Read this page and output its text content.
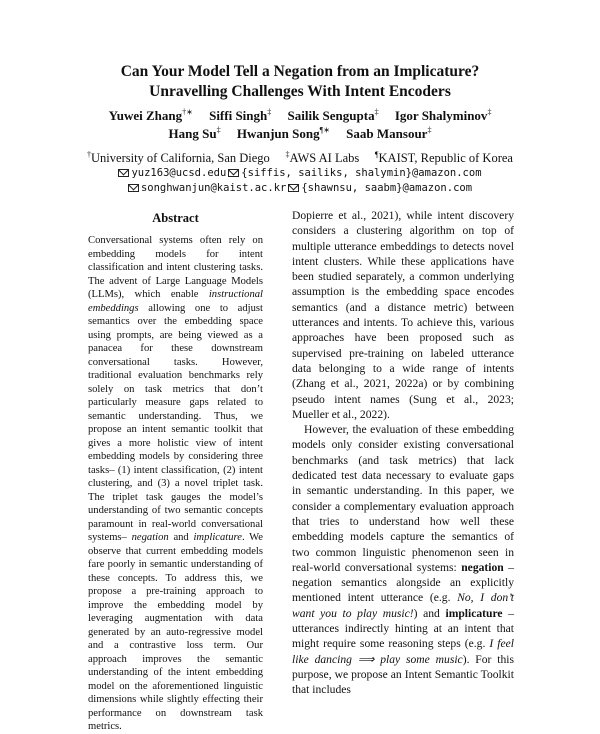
Can Your Model Tell a Negation from an Implicature?
Unravelling Challenges With Intent Encoders
Yuwei Zhang†∗ Siffi Singh‡ Sailik Sengupta‡ Igor Shalyminov‡
Hang Su‡ Hwanjun Song¶∗ Saab Mansour‡
†University of California, San Diego ‡AWS AI Labs ¶KAIST, Republic of Korea
yuz163@ucsd.edu {siffis, sailiks, shalymin}@amazon.com
songhwanjun@kaist.ac.kr {shawnsu, saabm}@amazon.com
Abstract
Conversational systems often rely on embedding models for intent classification and intent clustering tasks. The advent of Large Language Models (LLMs), which enable instructional embeddings allowing one to adjust semantics over the embedding space using prompts, are being viewed as a panacea for these downstream conversational tasks. However, traditional evaluation benchmarks rely solely on task metrics that don’t particularly measure gaps related to semantic understanding. Thus, we propose an intent semantic toolkit that gives a more holistic view of intent embedding models by considering three tasks– (1) intent classification, (2) intent clustering, and (3) a novel triplet task. The triplet task gauges the model’s understanding of two semantic concepts paramount in real-world conversational systems– negation and implicature. We observe that current embedding models fare poorly in semantic understanding of these concepts. To address this, we propose a pre-training approach to improve the embedding model by leveraging augmentation with data generated by an auto-regressive model and a contrastive loss term. Our approach improves the semantic understanding of the intent embedding model on the aforementioned linguistic dimensions while slightly effecting their performance on downstream task metrics.

Dopierre et al., 2021), while intent discovery considers a clustering algorithm on top of multiple utterance embeddings to detects novel intent clusters. While these applications have been studied separately, a common underlying assumption is the embedding space encodes semantics (and a distance metric) between utterances and intents. To achieve this, various approaches have been proposed such as supervised pre-training on labeled utterance data belonging to a wide range of intents (Zhang et al., 2021, 2022a) or by combining pseudo intent names (Sung et al., 2023; Mueller et al., 2022).

However, the evaluation of these embedding models only consider existing conversational benchmarks (and task metrics) that lack dedicated test data necessary to evaluate gaps in semantic understanding. In this paper, we consider a complementary evaluation approach that tries to understand how well these embedding models capture the semantics of two common linguistic phenomenon seen in real-world conversational systems: negation – negation semantics alongside an explicitly mentioned intent utterance (e.g. No, I don’t want you to play music!) and implicature – utterances indirectly hinting at an intent that might require some reasoning steps (e.g. I feel like dancing ⟹ play some music). For this purpose, we propose an Intent Semantic Toolkit that includes
